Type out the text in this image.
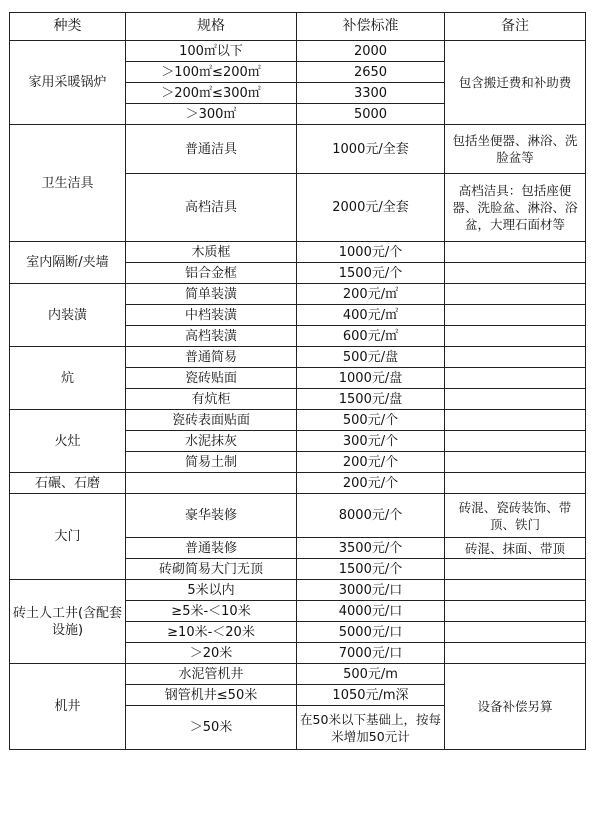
种类	规格	补偿标准	备注
家用采暖锅炉	100㎡以下	2000	包含搬迁费和补助费
	＞100㎡≤200㎡	2650	
	＞200㎡≤300㎡	3300	
	＞300㎡	5000	
卫生洁具	普通洁具	1000元/全套	包括坐便器、淋浴、洗脸盆等
	高档洁具	2000元/全套	高档洁具：包括座便器、洗脸盆、淋浴、浴盆，大理石面材等
室内隔断/夹墙	木质框	1000元/个	
	铝合金框	1500元/个	
内装潢	简单装潢	200元/㎡	
	中档装潢	400元/㎡	
	高档装潢	600元/㎡	
炕	普通简易	500元/盘	
	瓷砖贴面	1000元/盘	
	有炕柜	1500元/盘	
火灶	瓷砖表面贴面	500元/个	
	水泥抹灰	300元/个	
	简易土制	200元/个	
石碾、石磨		200元/个	
大门	豪华装修	8000元/个	砖混、瓷砖装饰、带顶、铁门
	普通装修	3500元/个	砖混、抹面、带顶
	砖砌简易大门无顶	1500元/个	
砖土人工井(含配套设施)	5米以内	3000元/口	
	≥5米-＜10米	4000元/口	
	≥10米-＜20米	5000元/口	
	＞20米	7000元/口	
机井	水泥管机井	500元/m	设备补偿另算
	钢管机井≤50米	1050元/m深	
	＞50米	在50米以下基础上，按每米增加50元计	
